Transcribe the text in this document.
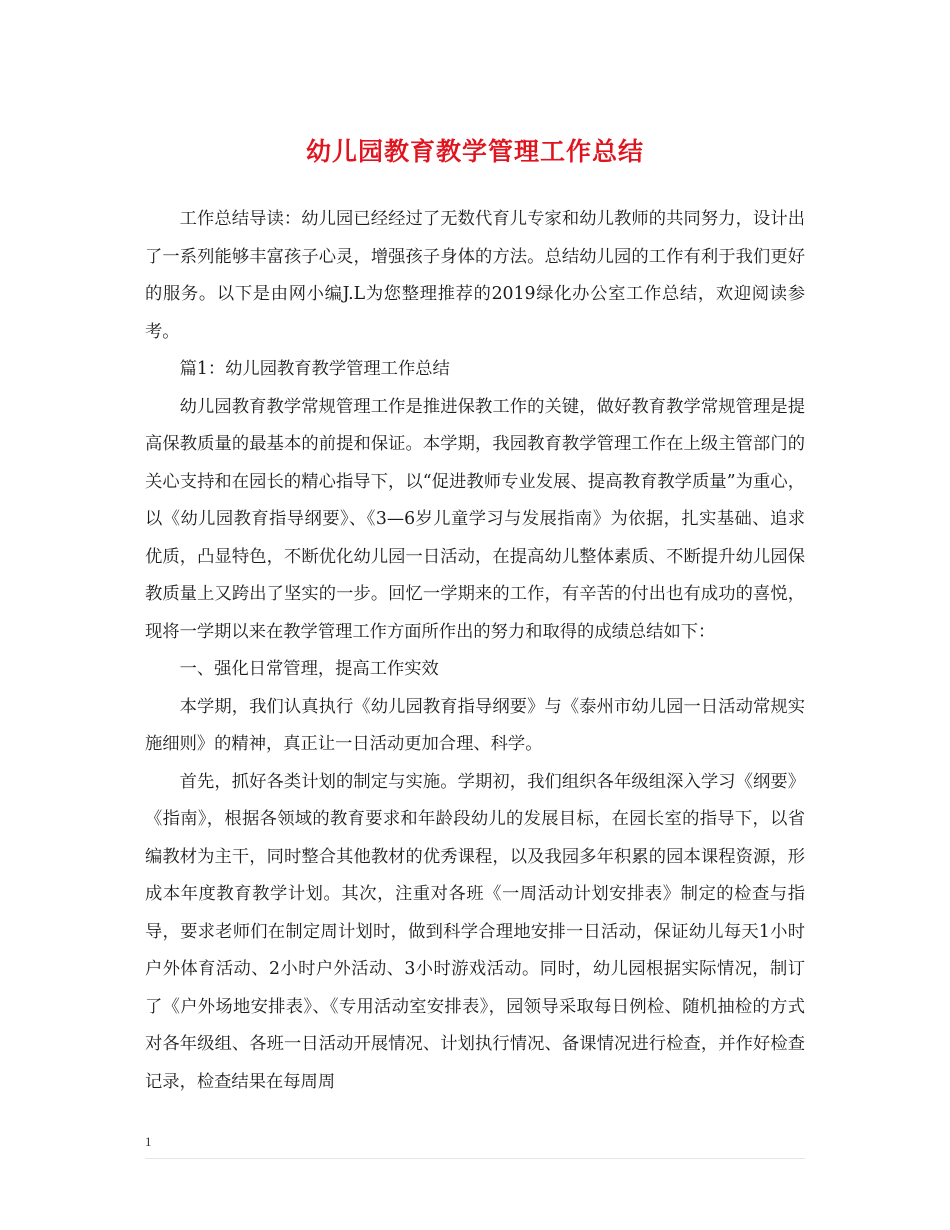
幼儿园教育教学管理工作总结

工作总结导读：幼儿园已经经过了无数代育儿专家和幼儿教师的共同努力，设计出了一系列能够丰富孩子心灵，增强孩子身体的方法。总结幼儿园的工作有利于我们更好的服务。以下是由网小编J.L为您整理推荐的2019绿化办公室工作总结，欢迎阅读参考。

篇1：幼儿园教育教学管理工作总结

幼儿园教育教学常规管理工作是推进保教工作的关键，做好教育教学常规管理是提高保教质量的最基本的前提和保证。本学期，我园教育教学管理工作在上级主管部门的关心支持和在园长的精心指导下，以“促进教师专业发展、提高教育教学质量”为重心，以《幼儿园教育指导纲要》、《3—6岁儿童学习与发展指南》为依据，扎实基础、追求优质，凸显特色，不断优化幼儿园一日活动，在提高幼儿整体素质、不断提升幼儿园保教质量上又跨出了坚实的一步。回忆一学期来的工作，有辛苦的付出也有成功的喜悦，现将一学期以来在教学管理工作方面所作出的努力和取得的成绩总结如下：

一、强化日常管理，提高工作实效

本学期，我们认真执行《幼儿园教育指导纲要》与《泰州市幼儿园一日活动常规实施细则》的精神，真正让一日活动更加合理、科学。

首先，抓好各类计划的制定与实施。学期初，我们组织各年级组深入学习《纲要》《指南》，根据各领域的教育要求和年龄段幼儿的发展目标，在园长室的指导下，以省编教材为主干，同时整合其他教材的优秀课程，以及我园多年积累的园本课程资源，形成本年度教育教学计划。其次，注重对各班《一周活动计划安排表》制定的检查与指导，要求老师们在制定周计划时，做到科学合理地安排一日活动，保证幼儿每天1小时户外体育活动、2小时户外活动、3小时游戏活动。同时，幼儿园根据实际情况，制订了《户外场地安排表》、《专用活动室安排表》，园领导采取每日例检、随机抽检的方式对各年级组、各班一日活动开展情况、计划执行情况、备课情况进行检查，并作好检查记录，检查结果在每周周

1
